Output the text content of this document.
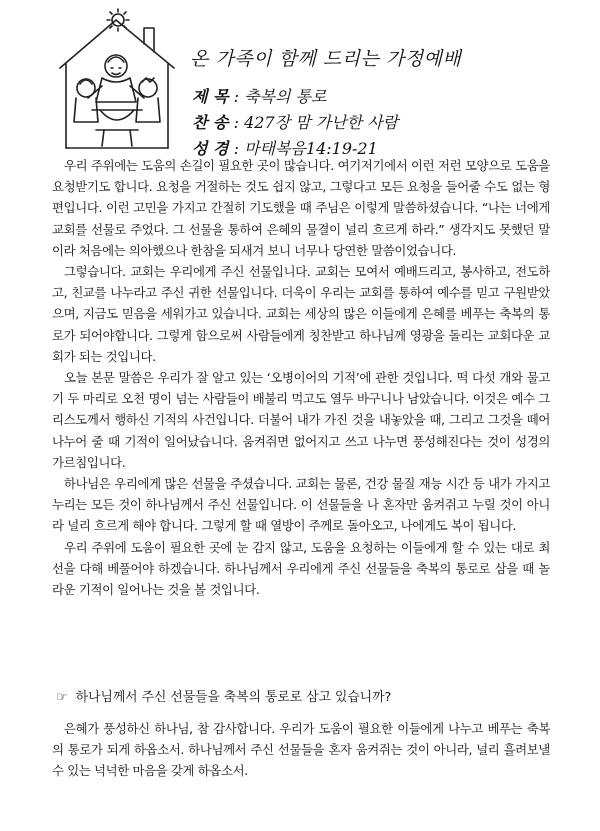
온 가족이 함께 드리는 가정예배
제 목 : 축복의 통로
찬 송 : 427장 맘 가난한 사람
성 경 : 마태복음14:19-21

우리 주위에는 도움의 손길이 필요한 곳이 많습니다. 여기저기에서 이런 저런 모양으로 도움을 요청받기도 합니다. 요청을 거절하는 것도 쉽지 않고, 그렇다고 모든 요청을 들어줄 수도 없는 형편입니다. 이런 고민을 가지고 간절히 기도했을 때 주님은 이렇게 말씀하셨습니다. “나는 너에게 교회를 선물로 주었다. 그 선물을 통하여 은혜의 물결이 널리 흐르게 하라.” 생각지도 못했던 말이라 처음에는 의아했으나 한참을 되새겨 보니 너무나 당연한 말씀이었습니다.

그렇습니다. 교회는 우리에게 주신 선물입니다. 교회는 모여서 예배드리고, 봉사하고, 전도하고, 친교를 나누라고 주신 귀한 선물입니다. 더욱이 우리는 교회를 통하여 예수를 믿고 구원받았으며, 지금도 믿음을 세워가고 있습니다. 교회는 세상의 많은 이들에게 은혜를 베푸는 축복의 통로가 되어야합니다. 그렇게 함으로써 사람들에게 칭찬받고 하나님께 영광을 돌리는 교회다운 교회가 되는 것입니다.

오늘 본문 말씀은 우리가 잘 알고 있는 ‘오병이어의 기적’에 관한 것입니다. 떡 다섯 개와 물고기 두 마리로 오천 명이 넘는 사람들이 배불리 먹고도 열두 바구니나 남았습니다. 이것은 예수 그리스도께서 행하신 기적의 사건입니다. 더불어 내가 가진 것을 내놓았을 때, 그리고 그것을 떼어 나누어 줄 때 기적이 일어났습니다. 움켜쥐면 없어지고 쓰고 나누면 풍성해진다는 것이 성경의 가르침입니다.

하나님은 우리에게 많은 선물을 주셨습니다. 교회는 물론, 건강 물질 재능 시간 등 내가 가지고 누리는 모든 것이 하나님께서 주신 선물입니다. 이 선물들을 나 혼자만 움켜쥐고 누릴 것이 아니라 널리 흐르게 해야 합니다. 그렇게 할 때 열방이 주께로 돌아오고, 나에게도 복이 됩니다.

우리 주위에 도움이 필요한 곳에 눈 감지 않고, 도움을 요청하는 이들에게 할 수 있는 대로 최선을 다해 베풀어야 하겠습니다. 하나님께서 우리에게 주신 선물들을 축복의 통로로 삼을 때 놀라운 기적이 일어나는 것을 볼 것입니다.

☞ 하나님께서 주신 선물들을 축복의 통로로 삼고 있습니까?

은혜가 풍성하신 하나님, 참 감사합니다. 우리가 도움이 필요한 이들에게 나누고 베푸는 축복의 통로가 되게 하옵소서. 하나님께서 주신 선물들을 혼자 움켜쥐는 것이 아니라, 널리 흘려보낼 수 있는 넉넉한 마음을 갖게 하옵소서.
